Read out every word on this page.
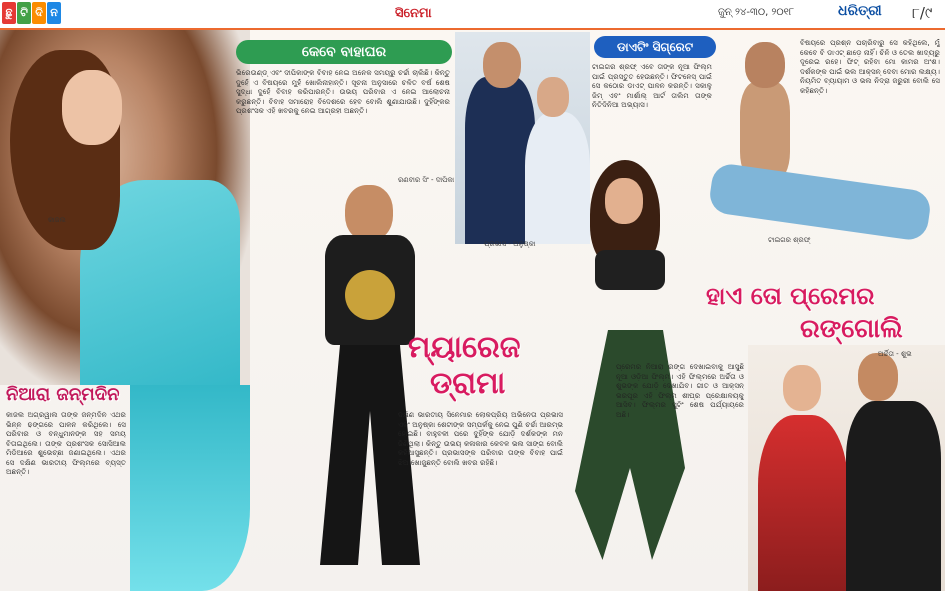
ଛୁ ଟି ଦି ନ	ସିନେମା	ଜୁନ୍ ୨୪-୩୦, ୨୦୧୮	ଧରିତ୍ରୀ ୮/୯
କାଜଲ
ନିଆରା ଜନ୍ମଦିନ
କାଜଲ ଅଗ୍ରୱାଲ ତାଙ୍କ ଜନ୍ମଦିନ ଏଥର ଭିନ୍ନ ଢଙ୍ଗରେ ପାଳନ କରିଥିଲେ। ସେ ପରିବାର ଓ ବନ୍ଧୁମାନଙ୍କ ସହ ସମୟ ବିତାଇଥିଲେ। ତାଙ୍କ ପ୍ରଶଂସକ ସୋସିଆଲ ମିଡିଆରେ ଶୁଭେଚ୍ଛା ଜଣାଇଥିଲେ। ଏଥର ସେ ଦକ୍ଷିଣ ଭାରତୀୟ ଫିଲ୍ମରେ ବ୍ୟସ୍ତ ଅଛନ୍ତି।
କେବେ ବାହାଘର
ଭିରେଉଣ୍ଡ୍ ଏବଂ ଦୀପିକାଙ୍କ ବିବାହ ନେଇ ଅନେକ ସମୟରୁ ଚର୍ଚ୍ଚା ଚାଲିଛି। କିନ୍ତୁ ଦୁହେଁ ଏ ବିଷୟରେ ମୁହଁ ଖୋଲିନାହାନ୍ତି। ସୂଚନା ଅନୁସାରେ ଚଳିତ ବର୍ଷ ଶେଷ ସୁଦ୍ଧା ଦୁହେଁ ବିବାହ କରିପାରନ୍ତି। ଉଭୟ ପରିବାର ଏ ନେଇ ଆଲୋଚନା କରୁଛନ୍ତି। ବିବାହ ସମାରୋହ ବିଦେଶରେ ହେବ ବୋଲି ଶୁଣାଯାଉଛି। ଦୁହିଁଙ୍କର ପ୍ରଶଂସକ ଏହି ଖବରକୁ ନେଇ ଆଗ୍ରହୀ ଅଛନ୍ତି।
ରଣବୀର ସିଂ - ଦୀପିକା
ଡାଏଟିଂ ସିଗ୍ରେଟ
ଟାଇଗର ଶ୍ରଫ୍ ଏବେ ତାଙ୍କ ନୂଆ ଫିଲ୍ମ ପାଇଁ ପ୍ରସ୍ତୁତ ହେଉଛନ୍ତି। ଫିଟନେସ୍ ପାଇଁ ସେ କଠୋର ଡାଏଟ୍ ପାଳନ କରନ୍ତି। ସକାଳୁ ଜିମ୍ ଏବଂ ମାର୍ଶାଲ୍ ଆର୍ଟ ତାଲିମ ତାଙ୍କ ନିତିଦିନିଆ ଅଭ୍ୟାସ।
ବିଷୟରେ ପ୍ରଶ୍ନ ପଚାରିବାରୁ ସେ କହିଥିଲେ, ମୁଁ କେବେ ବି ଡାଏଟ୍ ଛାଡ଼େ ନାହିଁ। ଚିନି ଓ ତେଲ ଖାଦ୍ୟରୁ ଦୂରେଇ ରହେ। ଫିଟ୍ ରହିବା ମୋ କାମର ଅଂଶ। ଦର୍ଶକଙ୍କ ପାଇଁ ଭଲ ଆକ୍ସନ୍ ଦେବା ମୋର ଲକ୍ଷ୍ୟ। ନିୟମିତ ବ୍ୟାୟାମ ଓ ଭଲ ନିଦ୍ରା ଜରୁରୀ ବୋଲି ସେ କହିଛନ୍ତି।
ଟାଇଗର ଶ୍ରଫ୍
ପ୍ରଭାସ - ଅନୁଷ୍କା
ମ୍ୟାରେଜ
ଡ୍ରାମା
ଦକ୍ଷିଣ ଭାରତୀୟ ସିନେମାର ଲୋକପ୍ରିୟ ଅଭିନେତା ପ୍ରଭାସ ଏବଂ ଅନୁଷ୍କା ଶେଟୀଙ୍କ ସମ୍ପର୍କକୁ ନେଇ ପୁଣି ଚର୍ଚ୍ଚା ଆରମ୍ଭ ହୋଇଛି। ବାହୁବଳୀ ପରେ ଦୁହିଁଙ୍କ ଯୋଡ଼ି ଦର୍ଶକଙ୍କ ମନ ଜିଣିଥିଲା। କିନ୍ତୁ ଉଭୟ କଳାକାର କେବଳ ଭଲ ସାଙ୍ଗ ବୋଲି କହିଆସୁଛନ୍ତି। ପ୍ରଭାସଙ୍କ ପରିବାର ତାଙ୍କ ବିବାହ ପାଇଁ ଝିଅ ଖୋଜୁଛନ୍ତି ବୋଲି ଖବର ରହିଛି।
ହାଏ ତୋ ପ୍ରେମର
ରଙ୍ଗୋଲି
ପ୍ରେମର ନିଆରା ରଙ୍ଗ ଦେଖାଇବାକୁ ଆସୁଛି ନୂଆ ଓଡ଼ିଆ ଫିଲ୍ମ। ଏହି ଫିଲ୍ମରେ ଅର୍ଚ୍ଚିତା ଓ ଶୁଭଙ୍କ ଯୋଡ଼ି ଦେଖାଯିବ। ଗୀତ ଓ ଆକ୍ସନ୍ ଭରପୂର ଏହି ଫିଲ୍ମ ଶୀଘ୍ର ପ୍ରେକ୍ଷାଳୟକୁ ଆସିବ। ଫିଲ୍ମର ସୁଟିଂ ଶେଷ ପର୍ଯ୍ୟାୟରେ ଅଛି।
ଅର୍ଚ୍ଚିତା - ଶୁଭ
